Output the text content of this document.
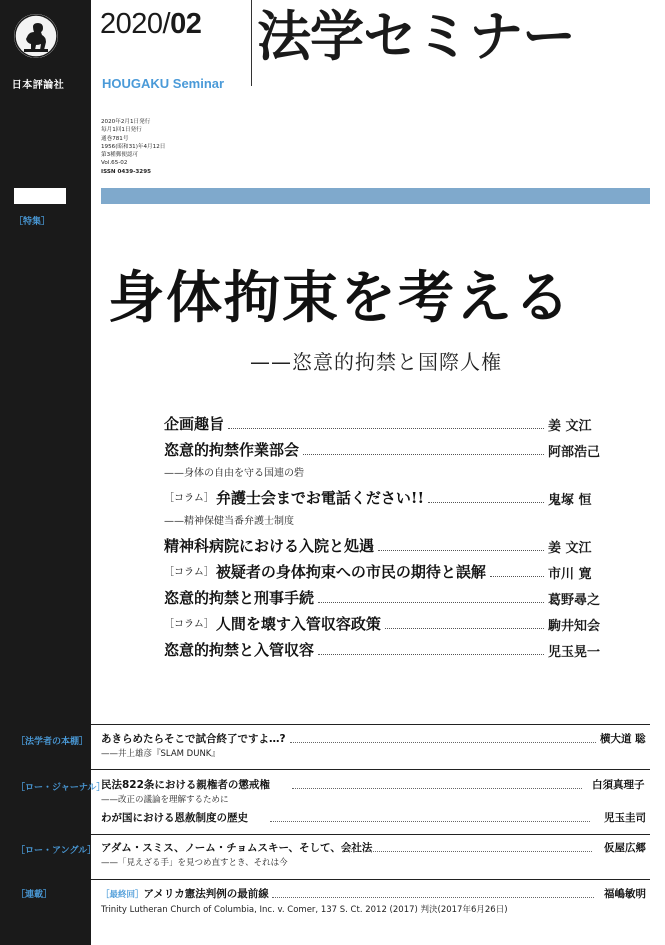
日本評論社
［特集］
［法学者の本棚］
［ロー・ジャーナル］
［ロー・アングル］
［連載］
2020/02
HOUGAKU Seminar
法学セミナー
2020年2月1日発行
毎月1回1日発行
通巻781号
1956(昭和31)年4月12日
第3種郵便認可
Vol.65-02
ISSN 0439-3295
身体拘束を考える
——恣意的拘禁と国際人権
企画趣旨	姜 文江
恣意的拘禁作業部会	阿部浩己
——身体の自由を守る国連の砦
［コラム］ 弁護士会までお電話ください!!	鬼塚 恒
——精神保健当番弁護士制度
精神科病院における入院と処遇	姜 文江
［コラム］ 被疑者の身体拘束への市民の期待と誤解	市川 寛
恣意的拘禁と刑事手続	葛野尋之
［コラム］ 人間を壊す入管収容政策	駒井知会
恣意的拘禁と入管収容	児玉晃一
あきらめたらそこで試合終了ですよ…?	横大道 聡
——井上雄彦『SLAM DUNK』
民法822条における親権者の懲戒権	白須真理子
——改正の議論を理解するために
わが国における恩赦制度の歴史	児玉圭司
アダム・スミス、ノーム・チョムスキー、そして、会社法	仮屋広郷
——「見えざる手」を見つめ直すとき、それは今
［最終回］アメリカ憲法判例の最前線	福嶋敏明
Trinity Lutheran Church of Columbia, Inc. v. Comer, 137 S. Ct. 2012 (2017) 判決(2017年6月26日)
